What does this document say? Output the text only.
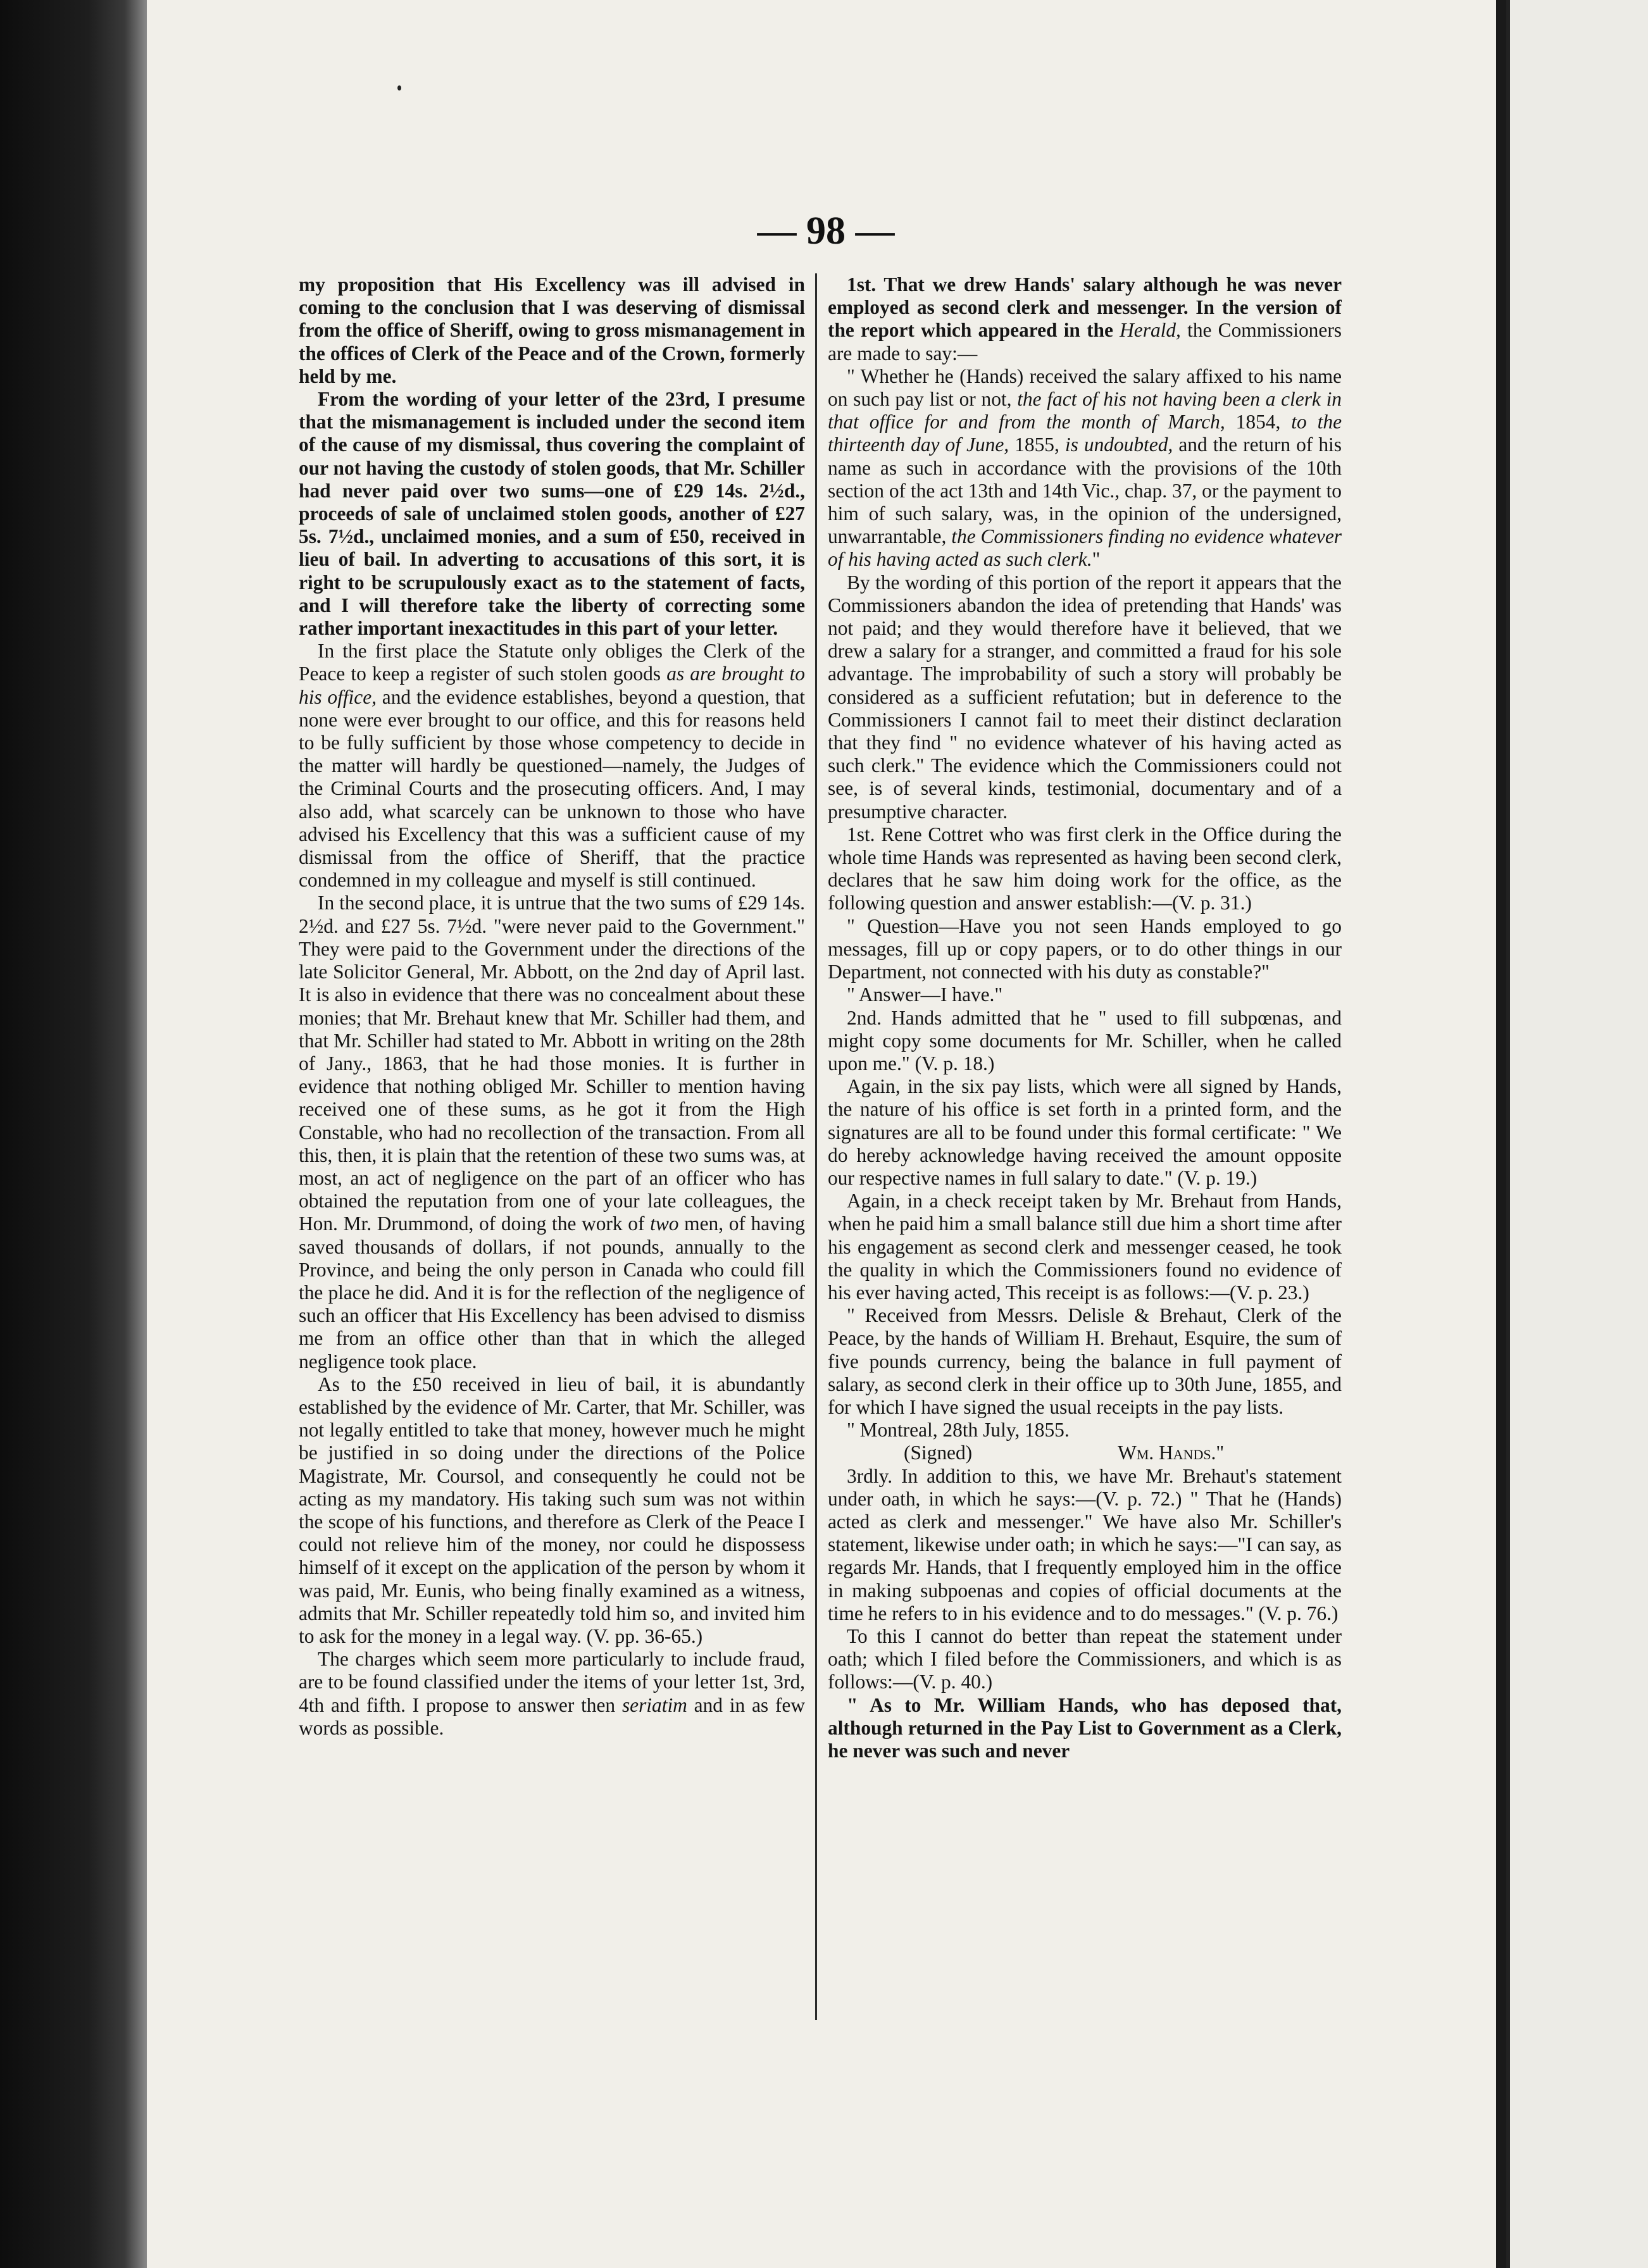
— 98 —

my proposition that His Excellency was ill advised in coming to the conclusion that I was deserving of dismissal from the office of Sheriff, owing to gross mismanagement in the offices of Clerk of the Peace and of the Crown, formerly held by me.

From the wording of your letter of the 23rd, I presume that the mismanagement is included under the second item of the cause of my dismissal, thus covering the complaint of our not having the custody of stolen goods, that Mr. Schiller had never paid over two sums—one of £29 14s. 2½d., proceeds of sale of unclaimed stolen goods, another of £27 5s. 7½d., unclaimed monies, and a sum of £50, received in lieu of bail. In adverting to accusations of this sort, it is right to be scrupulously exact as to the statement of facts, and I will therefore take the liberty of correcting some rather important inexactitudes in this part of your letter.

In the first place the Statute only obliges the Clerk of the Peace to keep a register of such stolen goods as are brought to his office, and the evidence establishes, beyond a question, that none were ever brought to our office, and this for reasons held to be fully sufficient by those whose competency to decide in the matter will hardly be questioned—namely, the Judges of the Criminal Courts and the prosecuting officers. And, I may also add, what scarcely can be unknown to those who have advised his Excellency that this was a sufficient cause of my dismissal from the office of Sheriff, that the practice condemned in my colleague and myself is still continued.

In the second place, it is untrue that the two sums of £29 14s. 2½d. and £27 5s. 7½d. "were never paid to the Government." They were paid to the Government under the directions of the late Solicitor General, Mr. Abbott, on the 2nd day of April last. It is also in evidence that there was no concealment about these monies; that Mr. Brehaut knew that Mr. Schiller had them, and that Mr. Schiller had stated to Mr. Abbott in writing on the 28th of Jany., 1863, that he had those monies. It is further in evidence that nothing obliged Mr. Schiller to mention having received one of these sums, as he got it from the High Constable, who had no recollection of the transaction. From all this, then, it is plain that the retention of these two sums was, at most, an act of negligence on the part of an officer who has obtained the reputation from one of your late colleagues, the Hon. Mr. Drummond, of doing the work of two men, of having saved thousands of dollars, if not pounds, annually to the Province, and being the only person in Canada who could fill the place he did. And it is for the reflection of the negligence of such an officer that His Excellency has been advised to dismiss me from an office other than that in which the alleged negligence took place.

As to the £50 received in lieu of bail, it is abundantly established by the evidence of Mr. Carter, that Mr. Schiller, was not legally entitled to take that money, however much he might be justified in so doing under the directions of the Police Magistrate, Mr. Coursol, and consequently he could not be acting as my mandatory. His taking such sum was not within the scope of his functions, and therefore as Clerk of the Peace I could not relieve him of the money, nor could he dispossess himself of it except on the application of the person by whom it was paid, Mr. Eunis, who being finally examined as a witness, admits that Mr. Schiller repeatedly told him so, and invited him to ask for the money in a legal way. (V. pp. 36-65.)

The charges which seem more particularly to include fraud, are to be found classified under the items of your letter 1st, 3rd, 4th and fifth. I propose to answer then seriatim and in as few words as possible.

1st. That we drew Hands' salary although he was never employed as second clerk and messenger. In the version of the report which appeared in the Herald, the Commissioners are made to say:—

" Whether he (Hands) received the salary affixed to his name on such pay list or not, the fact of his not having been a clerk in that office for and from the month of March, 1854, to the thirteenth day of June, 1855, is undoubted, and the return of his name as such in accordance with the provisions of the 10th section of the act 13th and 14th Vic., chap. 37, or the payment to him of such salary, was, in the opinion of the undersigned, unwarrantable, the Commissioners finding no evidence whatever of his having acted as such clerk."

By the wording of this portion of the report it appears that the Commissioners abandon the idea of pretending that Hands' was not paid; and they would therefore have it believed, that we drew a salary for a stranger, and committed a fraud for his sole advantage. The improbability of such a story will probably be considered as a sufficient refutation; but in deference to the Commissioners I cannot fail to meet their distinct declaration that they find " no evidence whatever of his having acted as such clerk." The evidence which the Commissioners could not see, is of several kinds, testimonial, documentary and of a presumptive character.

1st. Rene Cottret who was first clerk in the Office during the whole time Hands was represented as having been second clerk, declares that he saw him doing work for the office, as the following question and answer establish:—(V. p. 31.)

" Question—Have you not seen Hands employed to go messages, fill up or copy papers, or to do other things in our Department, not connected with his duty as constable?"

" Answer—I have."

2nd. Hands admitted that he " used to fill subpœnas, and might copy some documents for Mr. Schiller, when he called upon me." (V. p. 18.)

Again, in the six pay lists, which were all signed by Hands, the nature of his office is set forth in a printed form, and the signatures are all to be found under this formal certificate: " We do hereby acknowledge having received the amount opposite our respective names in full salary to date." (V. p. 19.)

Again, in a check receipt taken by Mr. Brehaut from Hands, when he paid him a small balance still due him a short time after his engagement as second clerk and messenger ceased, he took the quality in which the Commissioners found no evidence of his ever having acted, This receipt is as follows:—(V. p. 23.)

" Received from Messrs. Delisle & Brehaut, Clerk of the Peace, by the hands of William H. Brehaut, Esquire, the sum of five pounds currency, being the balance in full payment of salary, as second clerk in their office up to 30th June, 1855, and for which I have signed the usual receipts in the pay lists.

" Montreal, 28th July, 1855.

(Signed)	Wm. Hands."

3rdly. In addition to this, we have Mr. Brehaut's statement under oath, in which he says:—(V. p. 72.) " That he (Hands) acted as clerk and messenger." We have also Mr. Schiller's statement, likewise under oath; in which he says:—"I can say, as regards Mr. Hands, that I frequently employed him in the office in making subpoenas and copies of official documents at the time he refers to in his evidence and to do messages." (V. p. 76.)

To this I cannot do better than repeat the statement under oath; which I filed before the Commissioners, and which is as follows:—(V. p. 40.)

" As to Mr. William Hands, who has deposed that, although returned in the Pay List to Government as a Clerk, he never was such and never
